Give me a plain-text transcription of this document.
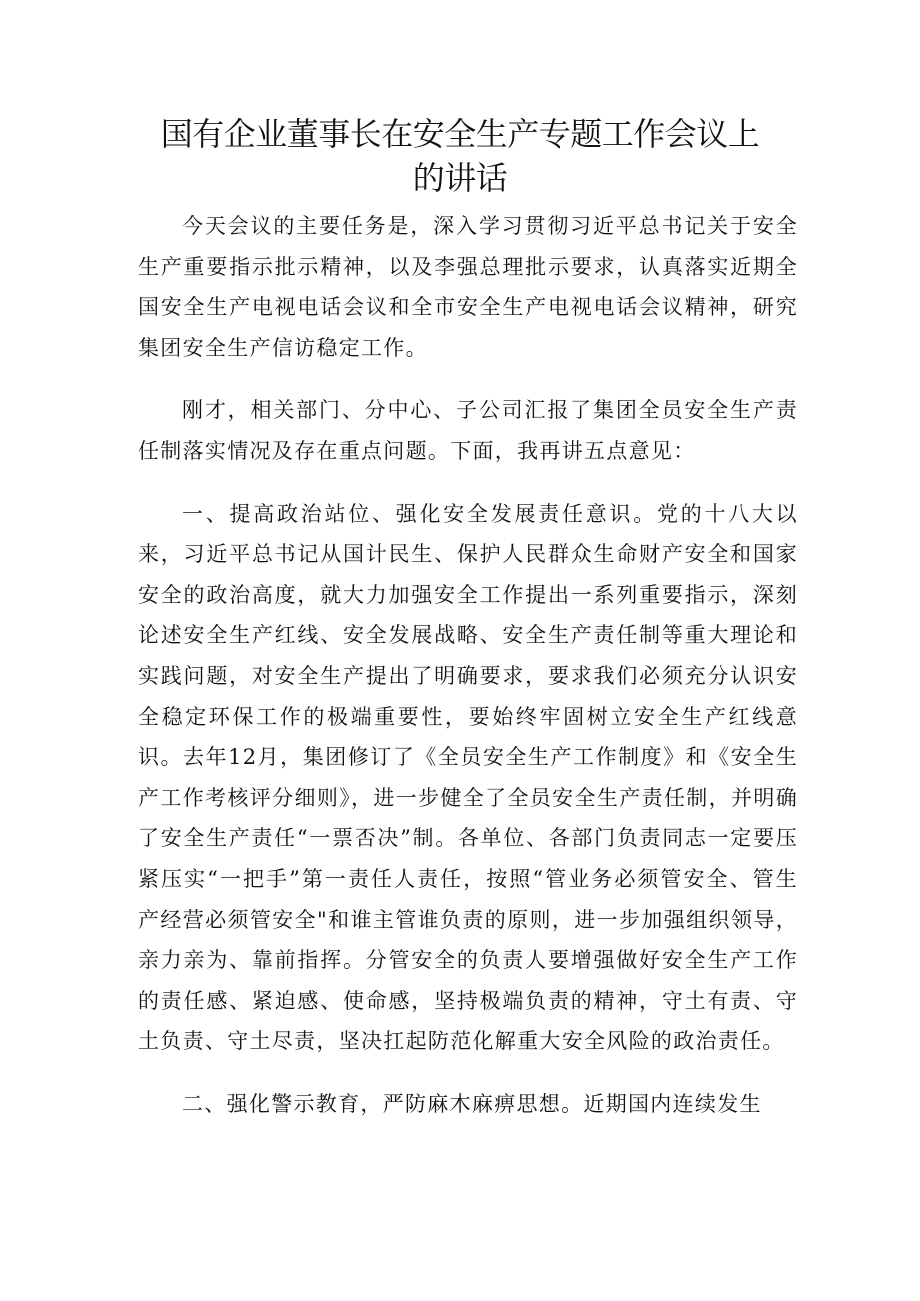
国有企业董事长在安全生产专题工作会议上
的讲话

今天会议的主要任务是，深入学习贯彻习近平总书记关于安全生产重要指示批示精神，以及李强总理批示要求，认真落实近期全国安全生产电视电话会议和全市安全生产电视电话会议精神，研究集团安全生产信访稳定工作。

刚才，相关部门、分中心、子公司汇报了集团全员安全生产责任制落实情况及存在重点问题。下面，我再讲五点意见：

一、提高政治站位、强化安全发展责任意识。党的十八大以来，习近平总书记从国计民生、保护人民群众生命财产安全和国家安全的政治高度，就大力加强安全工作提出一系列重要指示，深刻论述安全生产红线、安全发展战略、安全生产责任制等重大理论和实践问题，对安全生产提出了明确要求，要求我们必须充分认识安全稳定环保工作的极端重要性，要始终牢固树立安全生产红线意识。去年12月，集团修订了《全员安全生产工作制度》和《安全生产工作考核评分细则》，进一步健全了全员安全生产责任制，并明确了安全生产责任“一票否决”制。各单位、各部门负责同志一定要压紧压实“一把手”第一责任人责任，按照“管业务必须管安全、管生产经营必须管安全"和谁主管谁负责的原则，进一步加强组织领导，亲力亲为、靠前指挥。分管安全的负责人要增强做好安全生产工作的责任感、紧迫感、使命感，坚持极端负责的精神，守土有责、守土负责、守土尽责，坚决扛起防范化解重大安全风险的政治责任。

二、强化警示教育，严防麻木麻痹思想。近期国内连续发生
